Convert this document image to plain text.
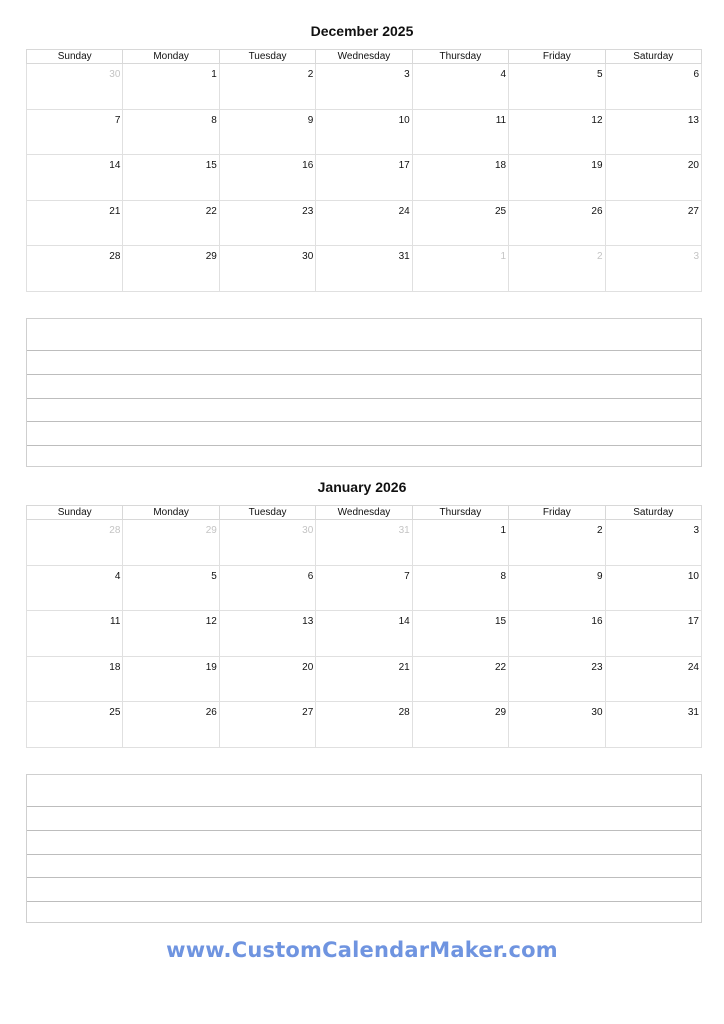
December 2025
Sunday	Monday	Tuesday	Wednesday	Thursday	Friday	Saturday
30	1	2	3	4	5	6
7	8	9	10	11	12	13
14	15	16	17	18	19	20
21	22	23	24	25	26	27
28	29	30	31	1	2	3
January 2026
Sunday	Monday	Tuesday	Wednesday	Thursday	Friday	Saturday
28	29	30	31	1	2	3
4	5	6	7	8	9	10
11	12	13	14	15	16	17
18	19	20	21	22	23	24
25	26	27	28	29	30	31
www.CustomCalendarMaker.com
